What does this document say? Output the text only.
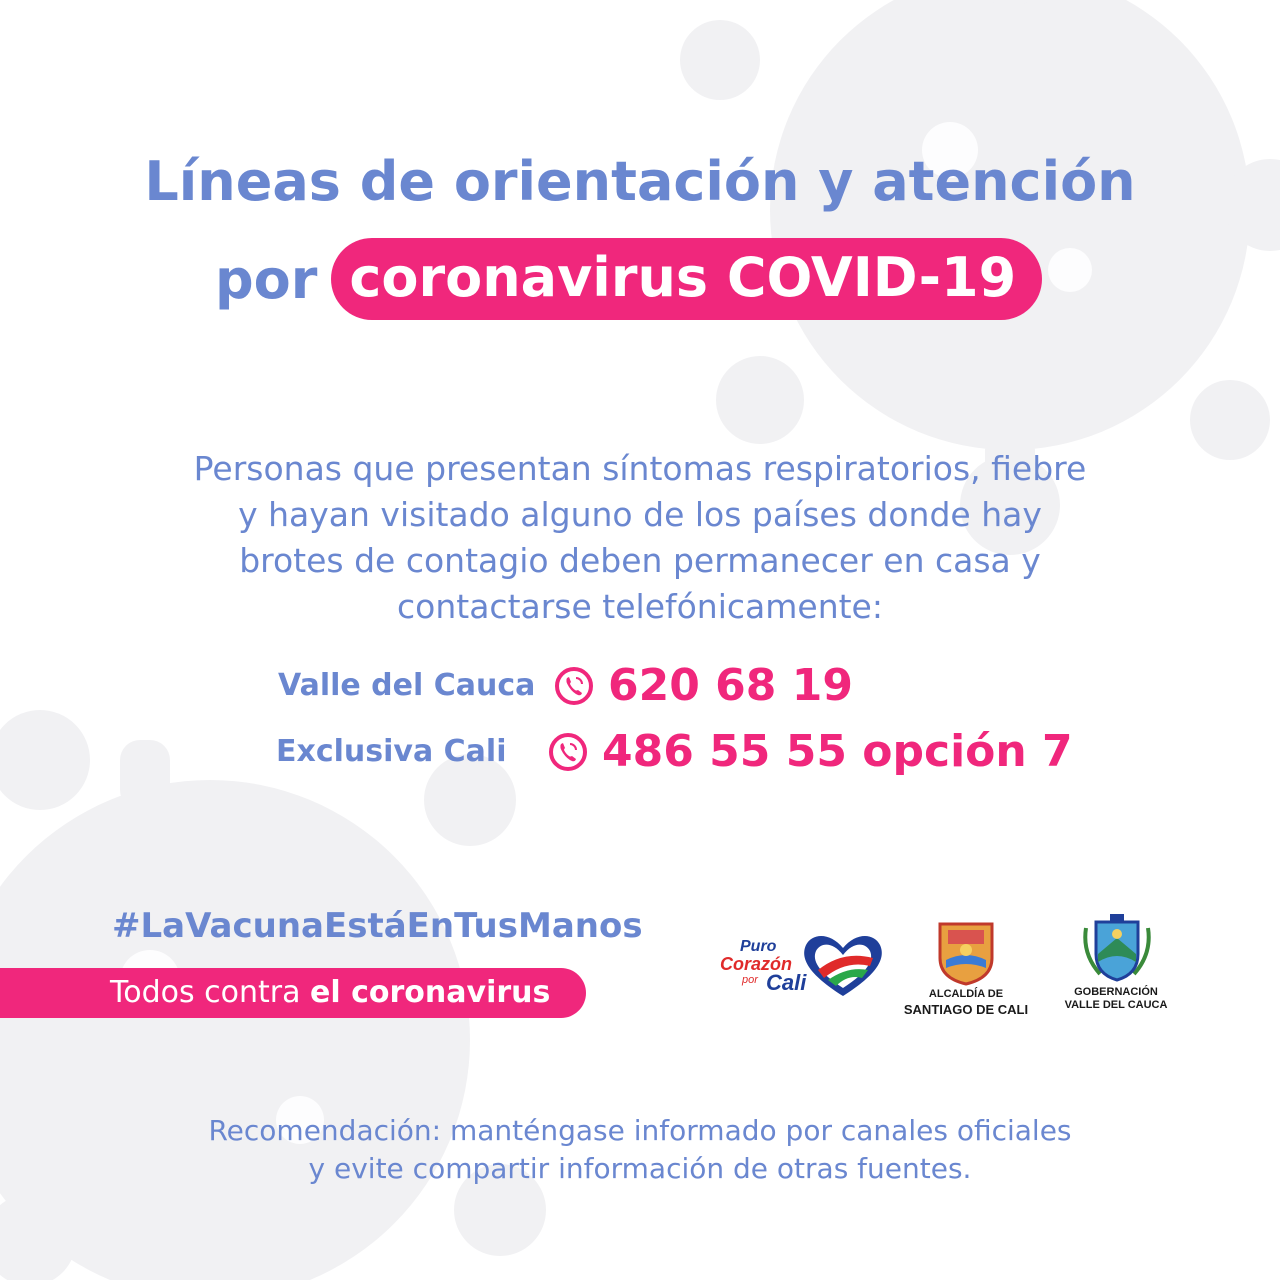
Líneas de orientación y atención
por coronavirus COVID-19
Personas que presentan síntomas respiratorios, fiebre
y hayan visitado alguno de los países donde hay
brotes de contagio deben permanecer en casa y
contactarse telefónicamente:
Valle del Cauca	620 68 19
Exclusiva Cali	486 55 55 opción 7
#LaVacunaEstáEnTusManos
Todos contra el coronavirus
Puro
Corazón
por Cali	ALCALDÍA DE
SANTIAGO DE CALI
GOBERNACIÓN
VALLE DEL CAUCA
Recomendación: manténgase informado por canales oficiales
y evite compartir información de otras fuentes.
